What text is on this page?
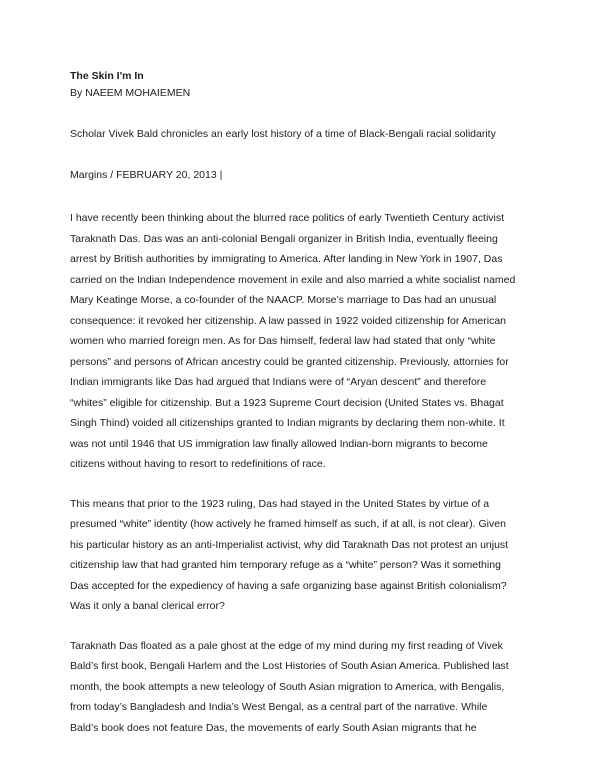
The Skin I'm In

By NAEEM MOHAIEMEN

Scholar Vivek Bald chronicles an early lost history of a time of Black-Bengali racial solidarity

Margins / FEBRUARY 20, 2013 |

I have recently been thinking about the blurred race politics of early Twentieth Century activist
Taraknath Das. Das was an anti-colonial Bengali organizer in British India, eventually fleeing
arrest by British authorities by immigrating to America. After landing in New York in 1907, Das
carried on the Indian Independence movement in exile and also married a white socialist named
Mary Keatinge Morse, a co-founder of the NAACP. Morse’s marriage to Das had an unusual
consequence: it revoked her citizenship. A law passed in 1922 voided citizenship for American
women who married foreign men. As for Das himself, federal law had stated that only “white
persons” and persons of African ancestry could be granted citizenship. Previously, attornies for
Indian immigrants like Das had argued that Indians were of “Aryan descent” and therefore
“whites” eligible for citizenship. But a 1923 Supreme Court decision (United States vs. Bhagat
Singh Thind) voided all citizenships granted to Indian migrants by declaring them non-white. It
was not until 1946 that US immigration law finally allowed Indian-born migrants to become
citizens without having to resort to redefinitions of race.
This means that prior to the 1923 ruling, Das had stayed in the United States by virtue of a
presumed “white” identity (how actively he framed himself as such, if at all, is not clear). Given
his particular history as an anti-Imperialist activist, why did Taraknath Das not protest an unjust
citizenship law that had granted him temporary refuge as a “white” person? Was it something
Das accepted for the expediency of having a safe organizing base against British colonialism?
Was it only a banal clerical error?
Taraknath Das floated as a pale ghost at the edge of my mind during my first reading of Vivek
Bald’s first book, Bengali Harlem and the Lost Histories of South Asian America. Published last
month, the book attempts a new teleology of South Asian migration to America, with Bengalis,
from today’s Bangladesh and India’s West Bengal, as a central part of the narrative. While
Bald’s book does not feature Das, the movements of early South Asian migrants that he
